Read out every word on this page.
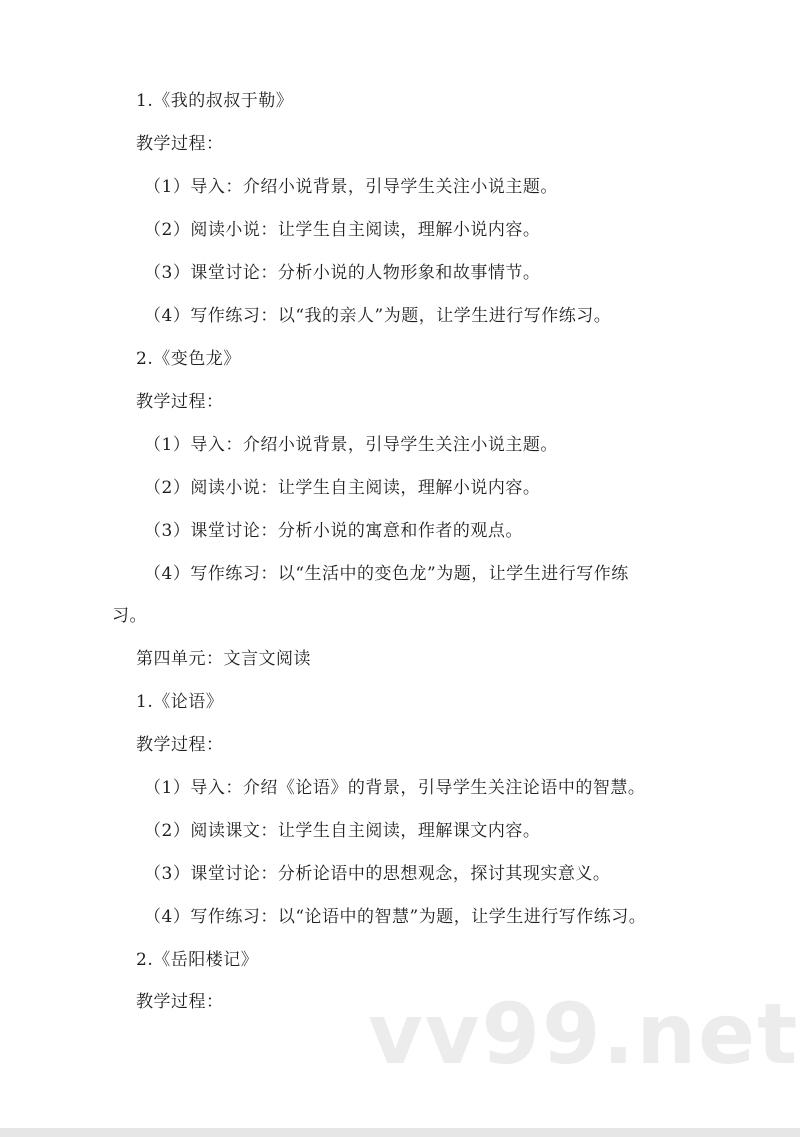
1.《我的叔叔于勒》
教学过程：
（1）导入：介绍小说背景，引导学生关注小说主题。
（2）阅读小说：让学生自主阅读，理解小说内容。
（3）课堂讨论：分析小说的人物形象和故事情节。
（4）写作练习：以“我的亲人”为题，让学生进行写作练习。
2.《变色龙》
教学过程：
（1）导入：介绍小说背景，引导学生关注小说主题。
（2）阅读小说：让学生自主阅读，理解小说内容。
（3）课堂讨论：分析小说的寓意和作者的观点。
（4）写作练习：以“生活中的变色龙”为题，让学生进行写作练
习。
第四单元：文言文阅读
1.《论语》
教学过程：
（1）导入：介绍《论语》的背景，引导学生关注论语中的智慧。
（2）阅读课文：让学生自主阅读，理解课文内容。
（3）课堂讨论：分析论语中的思想观念，探讨其现实意义。
（4）写作练习：以“论语中的智慧”为题，让学生进行写作练习。
2.《岳阳楼记》
教学过程： vv99.net
